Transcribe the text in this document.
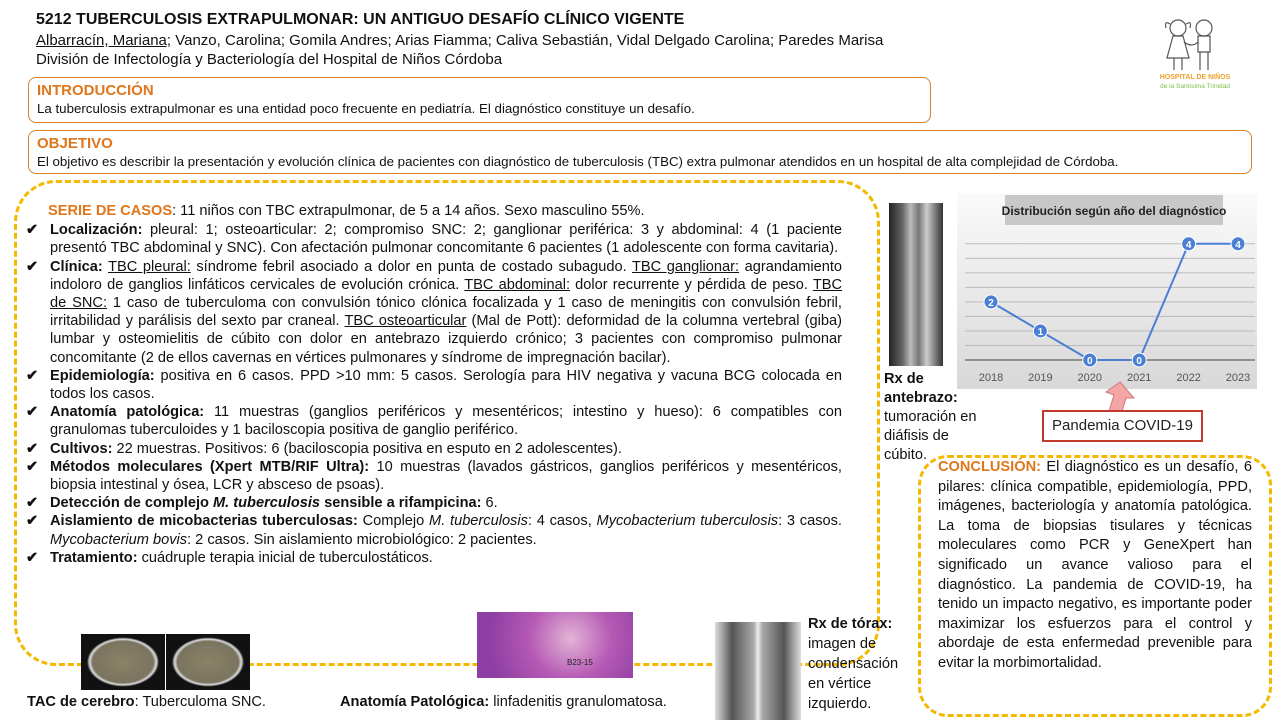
5212 TUBERCULOSIS EXTRAPULMONAR: UN ANTIGUO DESAFÍO CLÍNICO VIGENTE
Albarracín, Mariana; Vanzo, Carolina; Gomila Andres; Arias Fiamma; Caliva Sebastián, Vidal Delgado Carolina; Paredes Marisa
División de Infectología y Bacteriología del Hospital de Niños Córdoba
HOSPITAL DE NIÑOS
de la Santísima Trinidad
INTRODUCCIÓN

La tuberculosis extrapulmonar es una entidad poco frecuente en pediatría. El diagnóstico constituye un desafío.

OBJETIVO

El objetivo es describir la presentación y evolución clínica de pacientes con diagnóstico de tuberculosis (TBC) extra pulmonar atendidos en un hospital de alta complejidad de Córdoba.

SERIE DE CASOS: 11 niños con TBC extrapulmonar, de 5 a 14 años. Sexo masculino 55%.
✔ Localización: pleural: 1; osteoarticular: 2; compromiso SNC: 2; ganglionar periférica: 3 y abdominal: 4 (1 paciente presentó TBC abdominal y SNC). Con afectación pulmonar concomitante 6 pacientes (1 adolescente con forma cavitaria).
✔ Clínica: TBC pleural: síndrome febril asociado a dolor en punta de costado subagudo. TBC ganglionar: agrandamiento indoloro de ganglios linfáticos cervicales de evolución crónica. TBC abdominal: dolor recurrente y pérdida de peso. TBC de SNC: 1 caso de tuberculoma con convulsión tónico clónica focalizada y 1 caso de meningitis con convulsión febril, irritabilidad y parálisis del sexto par craneal. TBC osteoarticular (Mal de Pott): deformidad de la columna vertebral (giba) lumbar y osteomielitis de cúbito con dolor en antebrazo izquierdo crónico; 3 pacientes con compromiso pulmonar concomitante (2 de ellos cavernas en vértices pulmonares y síndrome de impregnación bacilar).
✔ Epidemiología: positiva en 6 casos. PPD >10 mm: 5 casos. Serología para HIV negativa y vacuna BCG colocada en todos los casos.
✔ Anatomía patológica: 11 muestras (ganglios periféricos y mesentéricos; intestino y hueso): 6 compatibles con granulomas tuberculoides y 1 baciloscopia positiva de ganglio periférico.
✔ Cultivos: 22 muestras. Positivos: 6 (baciloscopia positiva en esputo en 2 adolescentes).
✔ Métodos moleculares (Xpert MTB/RIF Ultra): 10 muestras (lavados gástricos, ganglios periféricos y mesentéricos, biopsia intestinal y ósea, LCR y absceso de psoas).
✔ Detección de complejo M. tuberculosis sensible a rifampicina: 6.
✔ Aislamiento de micobacterias tuberculosas: Complejo M. tuberculosis: 4 casos, Mycobacterium tuberculosis: 3 casos. Mycobacterium bovis: 2 casos. Sin aislamiento microbiológico: 2 pacientes.
✔ Tratamiento: cuádruple terapia inicial de tuberculostáticos.
B23-15
TAC de cerebro: Tuberculoma SNC.	Anatomía Patológica: linfadenitis granulomatosa.
Rx de tórax:
imagen de
condensación
en vértice
izquierdo.
Rx de
antebrazo:
tumoración en
diáfisis de
cúbito.
Distribución según año del diagnóstico
2
1
0	0
4	4
2018 2019 2020 2021 2022 2023
Pandemia COVID-19
CONCLUSIÓN: El diagnóstico es un desafío, 6 pilares: clínica compatible, epidemiología, PPD, imágenes, bacteriología y anatomía patológica. La toma de biopsias tisulares y técnicas moleculares como PCR y GeneXpert han significado un avance valioso para el diagnóstico. La pandemia de COVID-19, ha tenido un impacto negativo, es importante poder maximizar los esfuerzos para el control y abordaje de esta enfermedad prevenible para evitar la morbimortalidad.
